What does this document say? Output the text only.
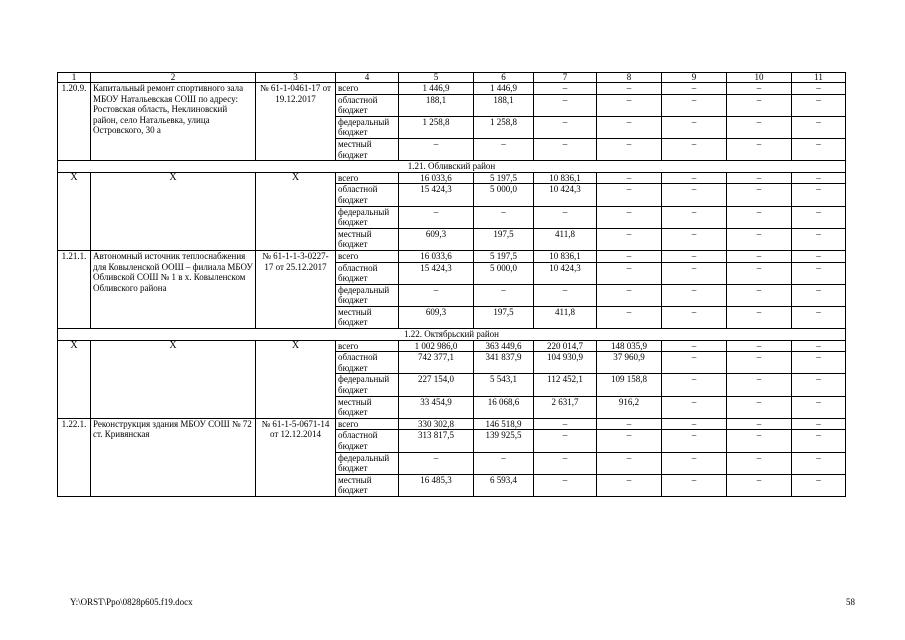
1	2	3	4	5	6	7	8	9	10	11
1.20.9.	Капитальный ремонт спортивного зала МБОУ Натальевская СОШ по адресу: Ростовская область, Неклиновский район, село Натальевка, улица Островского, 30 а	№ 61-1-0461-17 от 19.12.2017	всего	1 446,9	1 446,9	–	–	–	–	–
			областной бюджет	188,1	188,1	–	–	–	–	–
			федеральный бюджет	1 258,8	1 258,8	–	–	–	–	–
			местный бюджет	–	–	–	–	–	–	–
1.21. Обливский район										
Х	Х	Х	всего	16 033,6	5 197,5	10 836,1	–	–	–	–
			областной бюджет	15 424,3	5 000,0	10 424,3	–	–	–	–
			федеральный бюджет	–	–	–	–	–	–	–
			местный бюджет	609,3	197,5	411,8	–	–	–	–
1.21.1.	Автономный источник теплоснабжения для Ковыленской ООШ – филиала МБОУ Обливской СОШ № 1 в х. Ковыленском Обливского района	№ 61-1-1-3-0227-17 от 25.12.2017	всего	16 033,6	5 197,5	10 836,1	–	–	–	–
			областной бюджет	15 424,3	5 000,0	10 424,3	–	–	–	–
			федеральный бюджет	–	–	–	–	–	–	–
			местный бюджет	609,3	197,5	411,8	–	–	–	–
1.22. Октябрьский район										
Х	Х	Х	всего	1 002 986,0	363 449,6	220 014,7	148 035,9	–	–	–
			областной бюджет	742 377,1	341 837,9	104 930,9	37 960,9	–	–	–
			федеральный бюджет	227 154,0	5 543,1	112 452,1	109 158,8	–	–	–
			местный бюджет	33 454,9	16 068,6	2 631,7	916,2	–	–	–
1.22.1.	Реконструкция здания МБОУ СОШ № 72 ст. Кривянская	№ 61-1-5-0671-14 от 12.12.2014	всего	330 302,8	146 518,9	–	–	–	–	–
			областной бюджет	313 817,5	139 925,5	–	–	–	–	–
			федеральный бюджет	–	–	–	–	–	–	–
			местный бюджет	16 485,3	6 593,4	–	–	–	–	–
Y:\ORST\Ppo\0828p605.f19.docx	58
